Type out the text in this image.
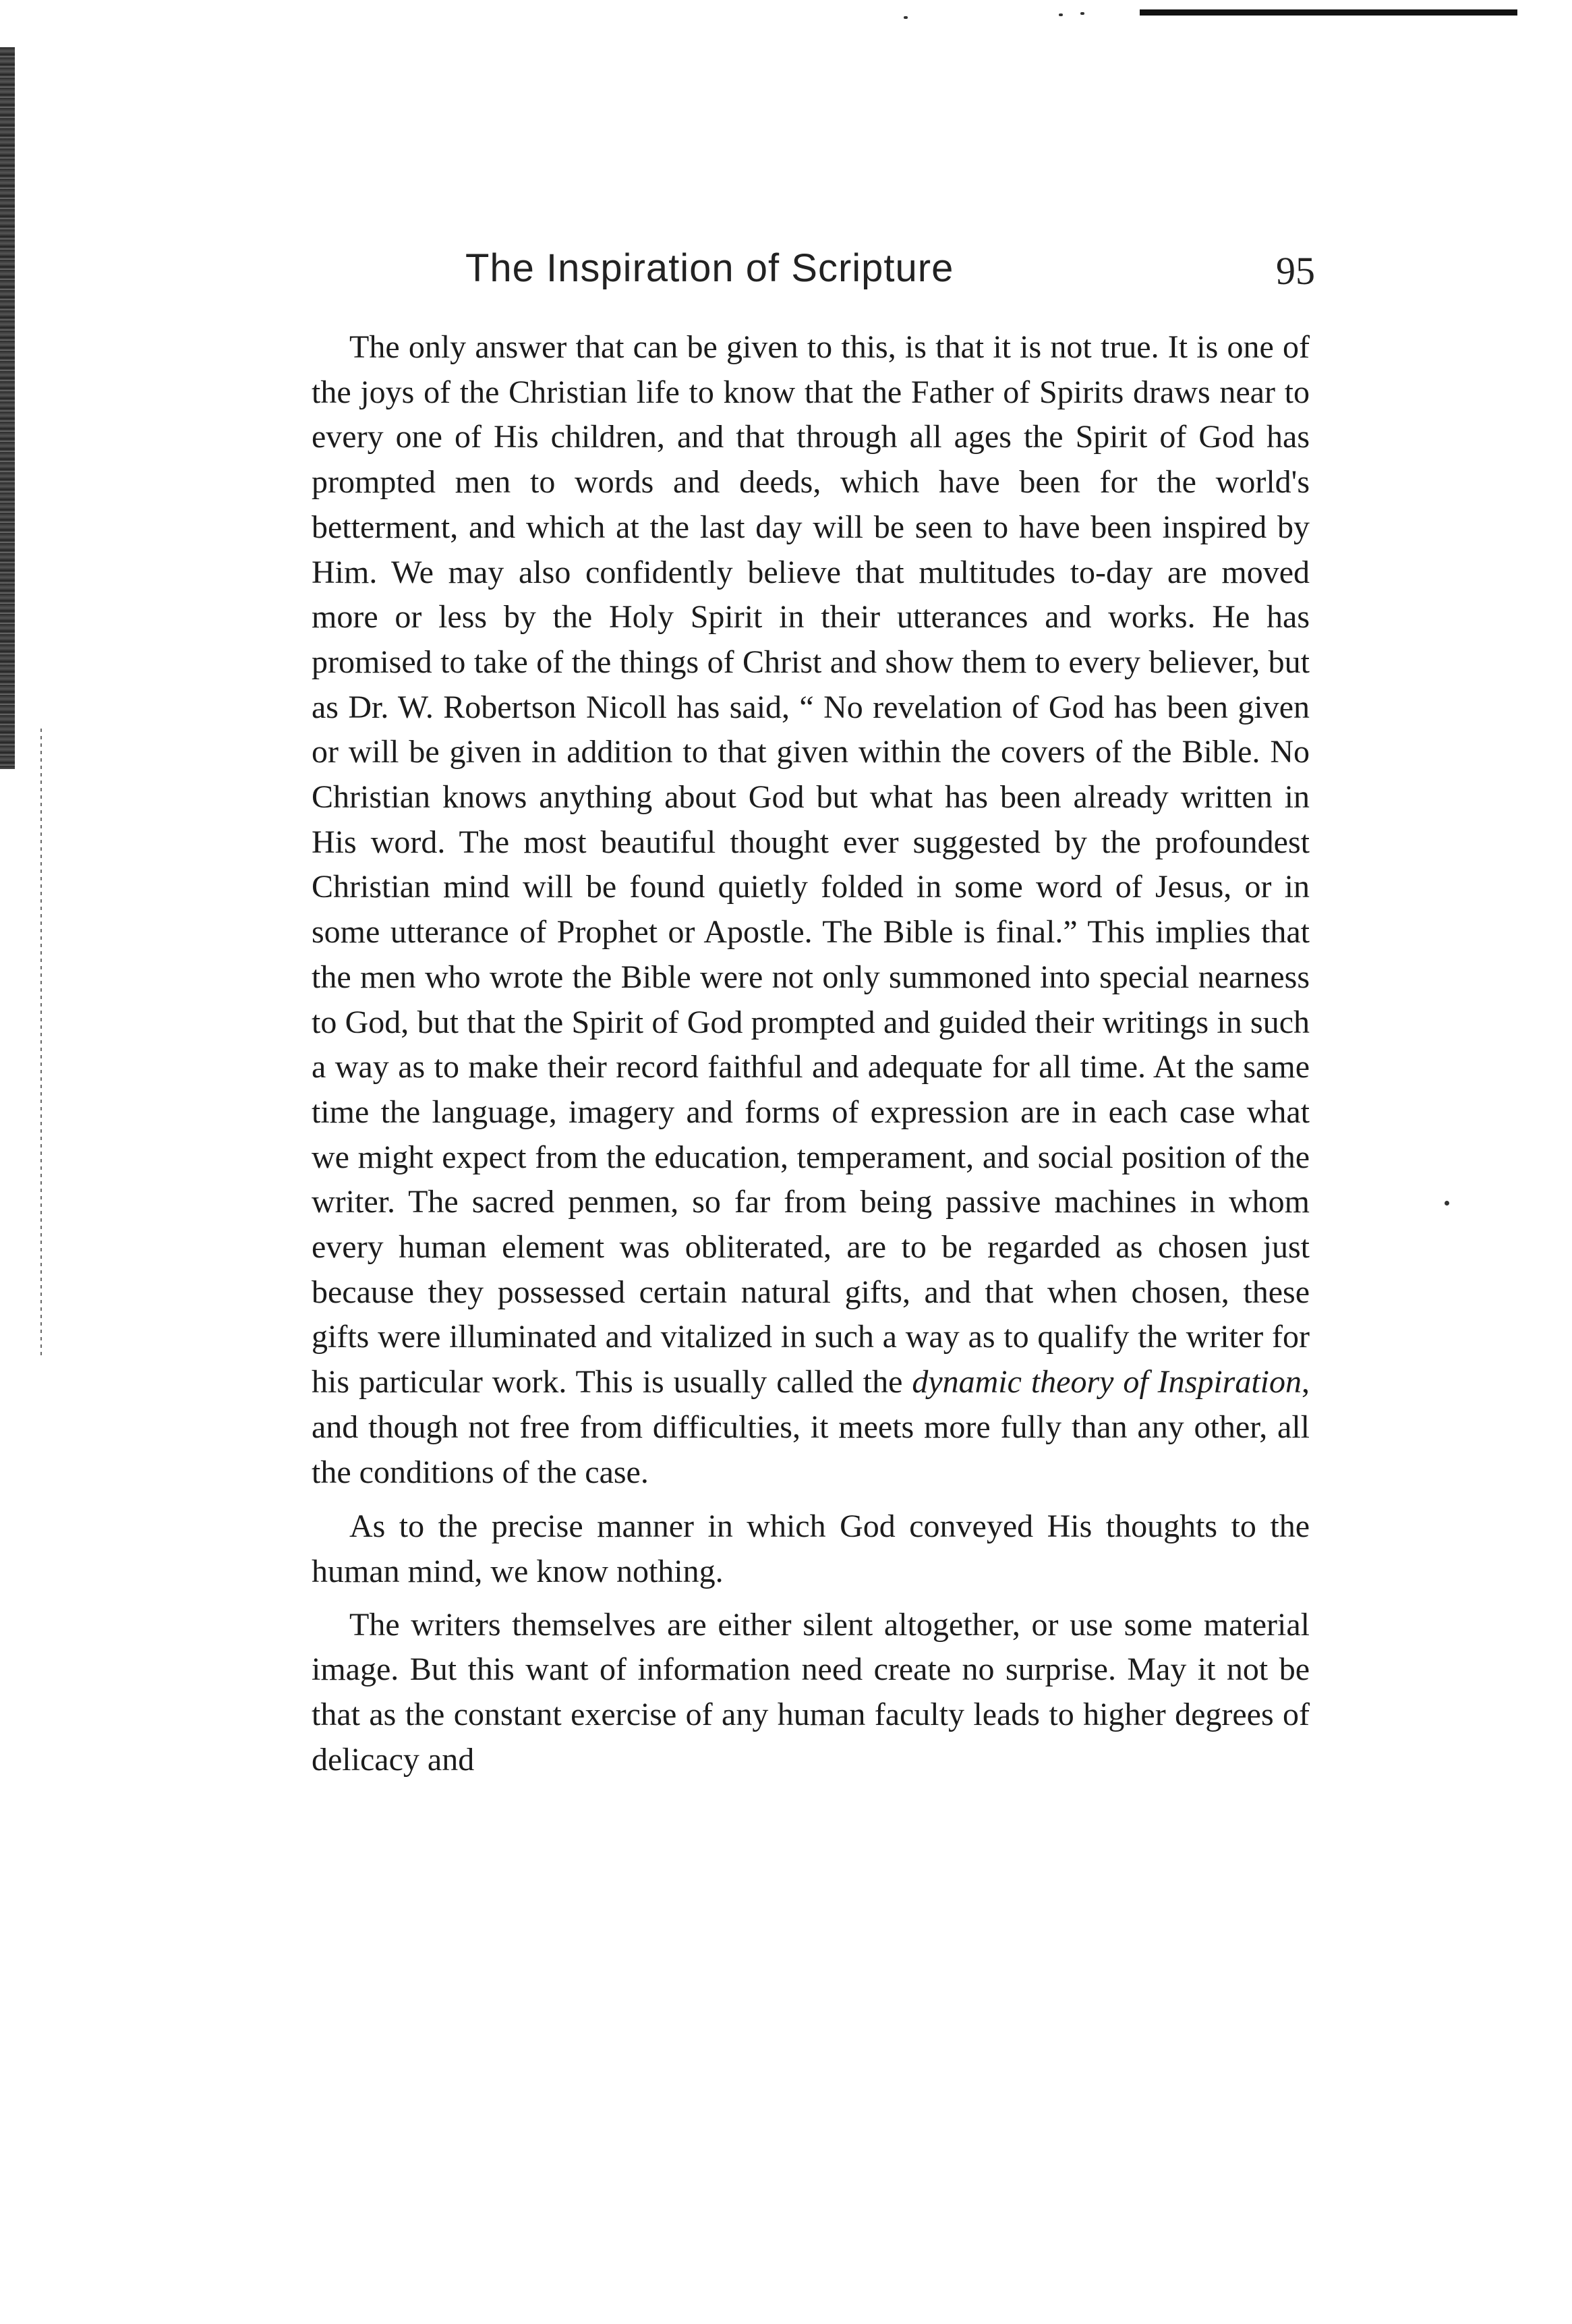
The Inspiration of Scripture	95

The only answer that can be given to this, is that it is not true. It is one of the joys of the Christian life to know that the Father of Spirits draws near to every one of His children, and that through all ages the Spirit of God has prompted men to words and deeds, which have been for the world's betterment, and which at the last day will be seen to have been inspired by Him. We may also confidently believe that multitudes to-day are moved more or less by the Holy Spirit in their utterances and works. He has promised to take of the things of Christ and show them to every believer, but as Dr. W. Robertson Nicoll has said, “ No revelation of God has been given or will be given in addition to that given within the covers of the Bible. No Christian knows anything about God but what has been already written in His word. The most beautiful thought ever suggested by the profoundest Christian mind will be found quietly folded in some word of Jesus, or in some utterance of Prophet or Apostle. The Bible is final.” This implies that the men who wrote the Bible were not only summoned into special nearness to God, but that the Spirit of God prompted and guided their writings in such a way as to make their record faithful and adequate for all time. At the same time the language, imagery and forms of expression are in each case what we might expect from the education, temperament, and social position of the writer. The sacred penmen, so far from being passive machines in whom every human element was obliterated, are to be regarded as chosen just because they possessed certain natural gifts, and that when chosen, these gifts were illuminated and vitalized in such a way as to qualify the writer for his particular work. This is usually called the dynamic theory of Inspiration, and though not free from difficulties, it meets more fully than any other, all the conditions of the case.

As to the precise manner in which God conveyed His thoughts to the human mind, we know nothing.

The writers themselves are either silent altogether, or use some material image. But this want of information need create no surprise. May it not be that as the constant exercise of any human faculty leads to higher degrees of delicacy and
